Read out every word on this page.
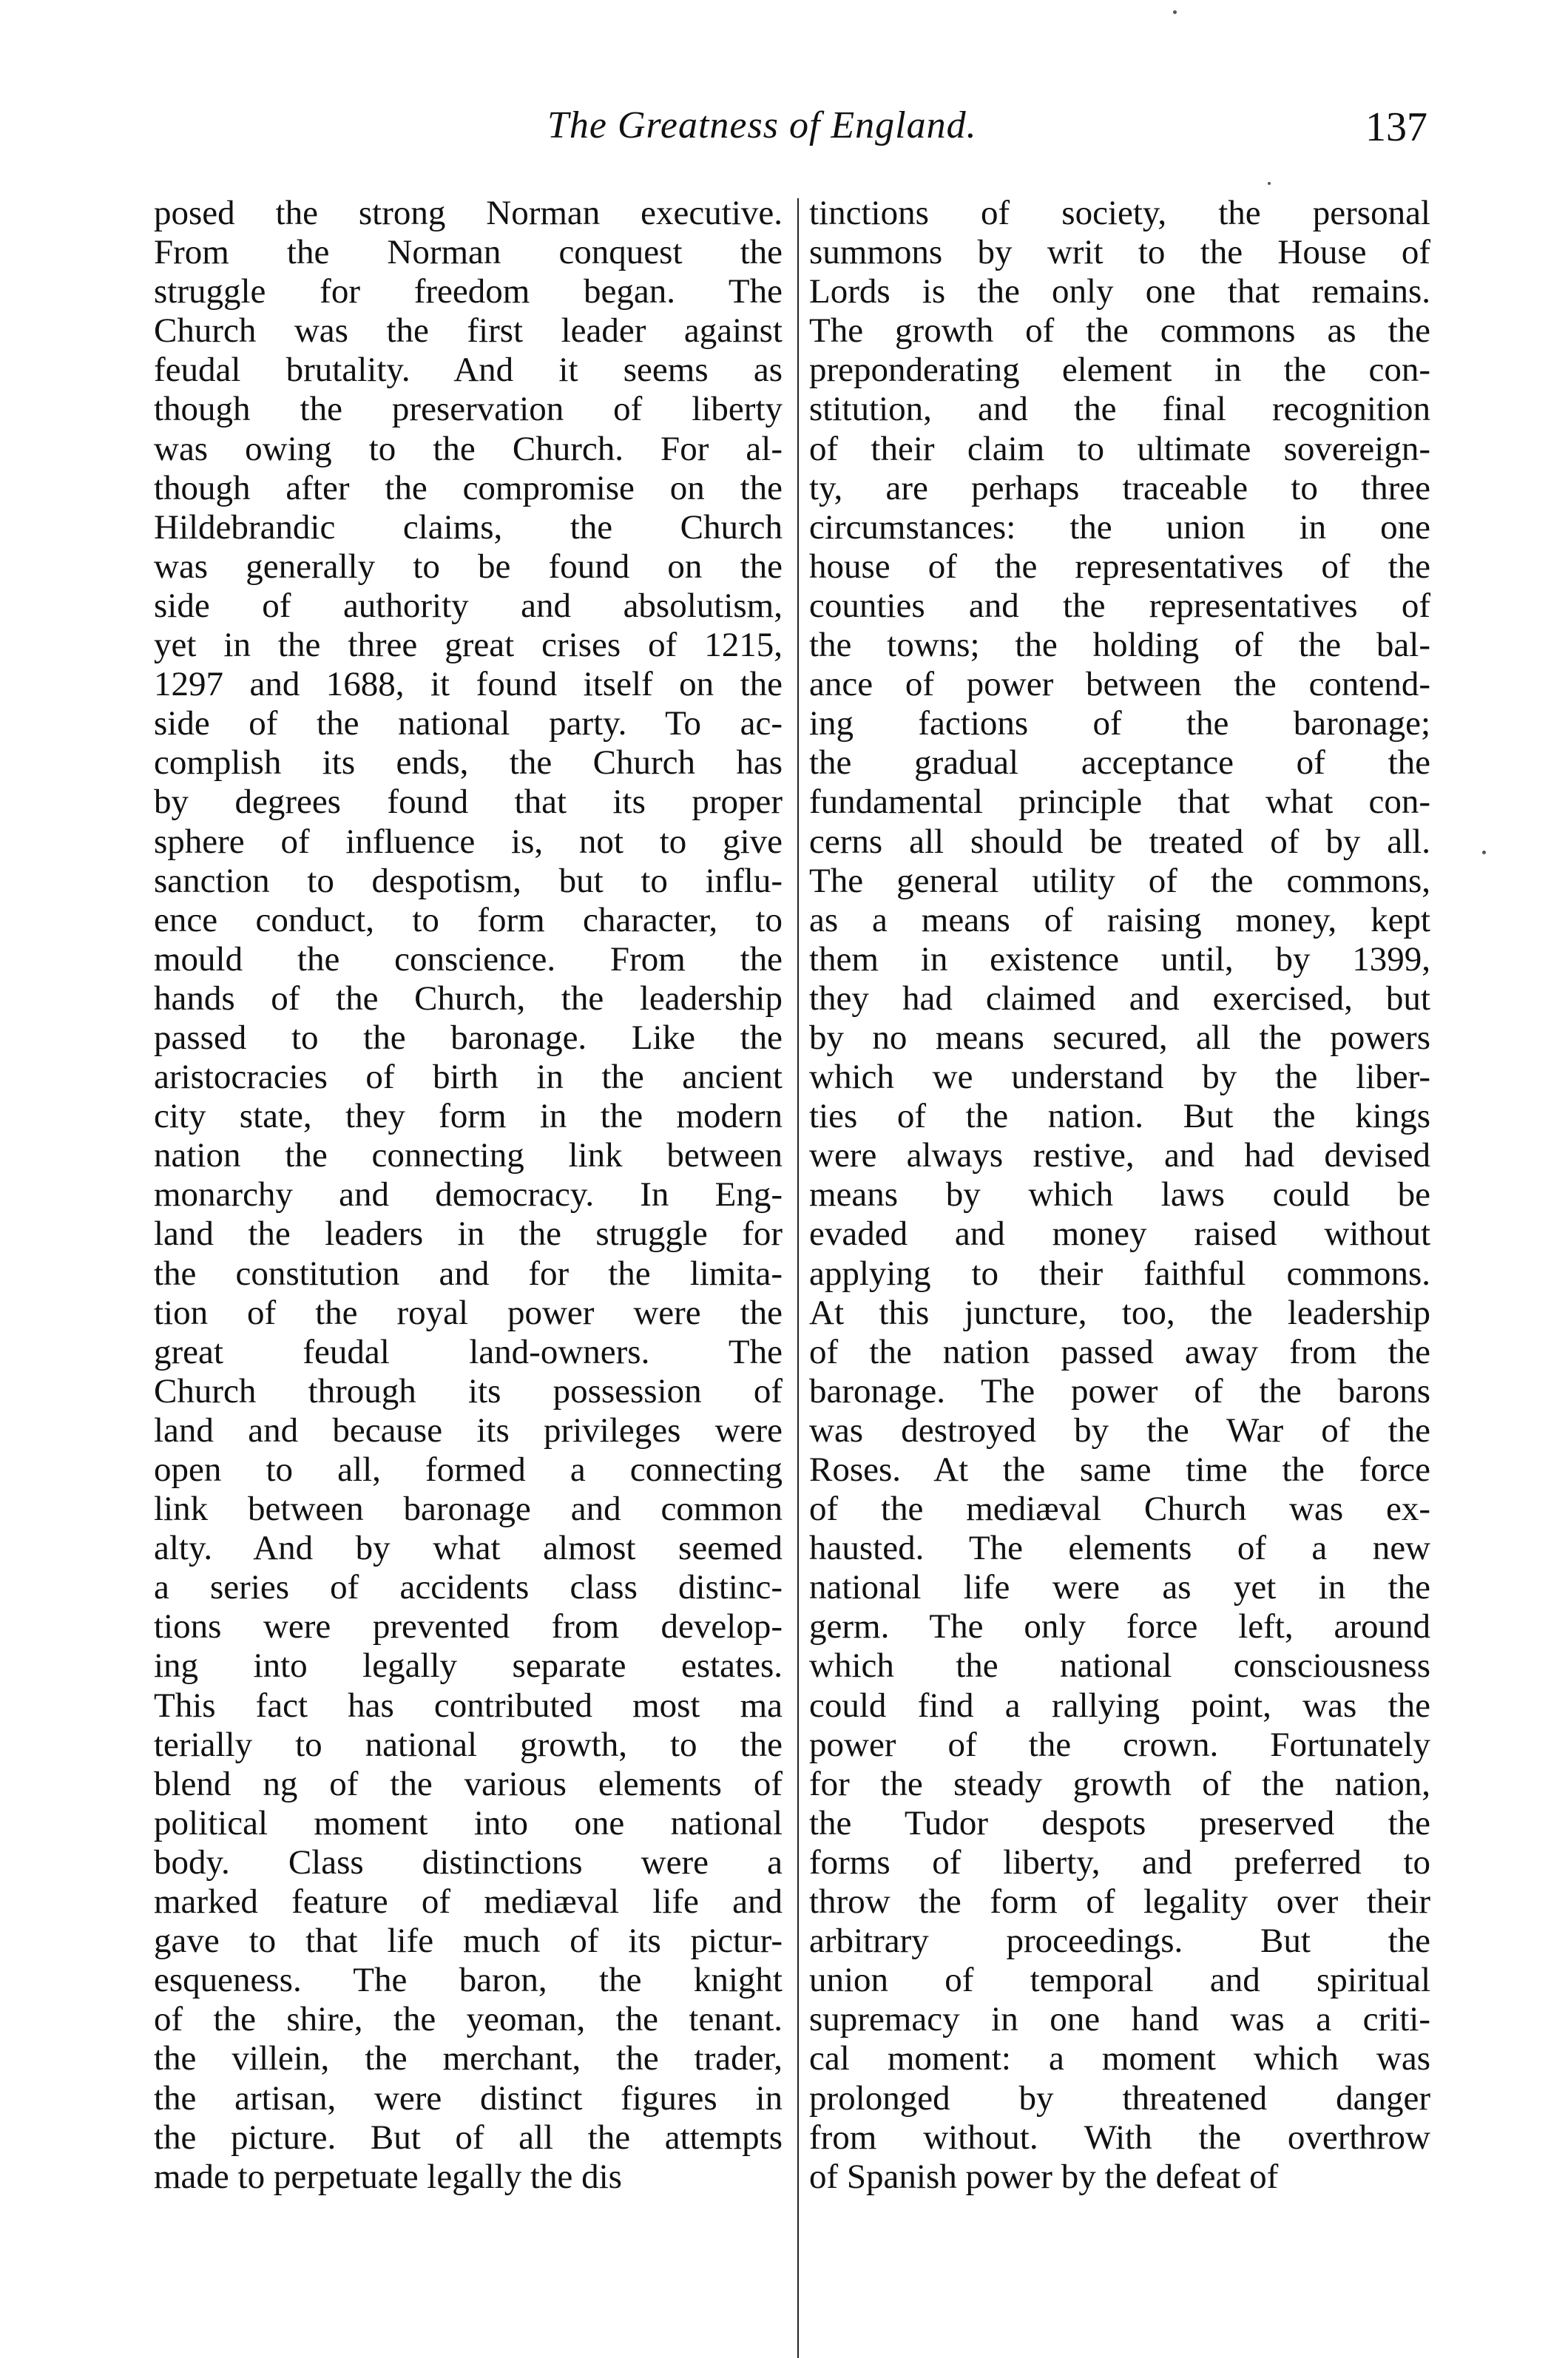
The Greatness of England.	137
posed the strong Norman executive.
From the Norman conquest the
struggle for freedom began. The
Church was the first leader against
feudal brutality. And it seems as
though the preservation of liberty
was owing to the Church. For al-
though after the compromise on the
Hildebrandic claims, the Church
was generally to be found on the
side of authority and absolutism,
yet in the three great crises of 1215,
1297 and 1688, it found itself on the
side of the national party. To ac-
complish its ends, the Church has
by degrees found that its proper
sphere of influence is, not to give
sanction to despotism, but to influ-
ence conduct, to form character, to
mould the conscience. From the
hands of the Church, the leadership
passed to the baronage. Like the
aristocracies of birth in the ancient
city state, they form in the modern
nation the connecting link between
monarchy and democracy. In Eng-
land the leaders in the struggle for
the constitution and for the limita-
tion of the royal power were the
great feudal land-owners. The
Church through its possession of
land and because its privileges were
open to all, formed a connecting
link between baronage and common
alty. And by what almost seemed
a series of accidents class distinc-
tions were prevented from develop-
ing into legally separate estates.
This fact has contributed most ma
terially to national growth, to the
blend ng of the various elements of
political moment into one national
body. Class distinctions were a
marked feature of mediæval life and
gave to that life much of its pictur-
esqueness. The baron, the knight
of the shire, the yeoman, the tenant.
the villein, the merchant, the trader,
the artisan, were distinct figures in
the picture. But of all the attempts
made to perpetuate legally the dis
tinctions of society, the personal
summons by writ to the House of
Lords is the only one that remains.
The growth of the commons as the
preponderating element in the con-
stitution, and the final recognition
of their claim to ultimate sovereign-
ty, are perhaps traceable to three
circumstances: the union in one
house of the representatives of the
counties and the representatives of
the towns; the holding of the bal-
ance of power between the contend-
ing factions of the baronage;
the gradual acceptance of the
fundamental principle that what con-
cerns all should be treated of by all.
The general utility of the commons,
as a means of raising money, kept
them in existence until, by 1399,
they had claimed and exercised, but
by no means secured, all the powers
which we understand by the liber-
ties of the nation. But the kings
were always restive, and had devised
means by which laws could be
evaded and money raised without
applying to their faithful commons.
At this juncture, too, the leadership
of the nation passed away from the
baronage. The power of the barons
was destroyed by the War of the
Roses. At the same time the force
of the mediæval Church was ex-
hausted. The elements of a new
national life were as yet in the
germ. The only force left, around
which the national consciousness
could find a rallying point, was the
power of the crown. Fortunately
for the steady growth of the nation,
the Tudor despots preserved the
forms of liberty, and preferred to
throw the form of legality over their
arbitrary proceedings. But the
union of temporal and spiritual
supremacy in one hand was a criti-
cal moment: a moment which was
prolonged by threatened danger
from without. With the overthrow
of Spanish power by the defeat of
